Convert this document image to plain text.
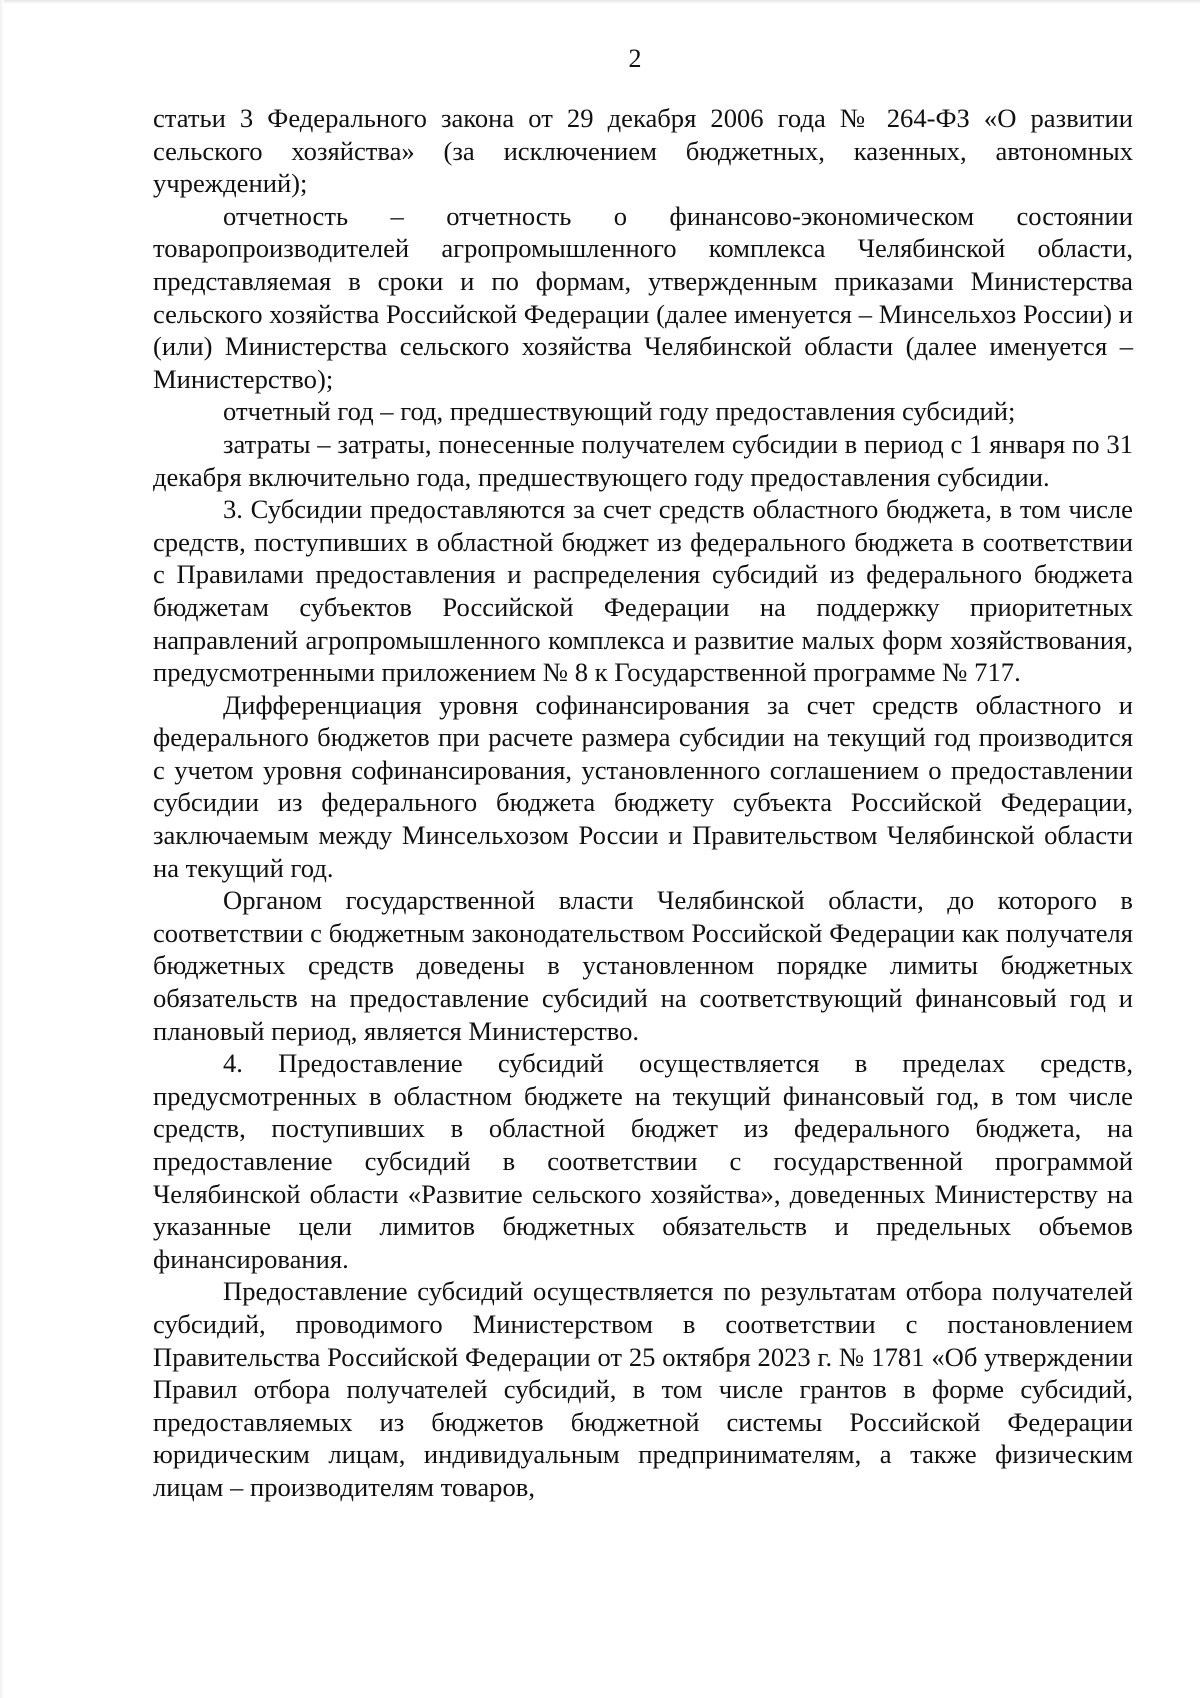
2

статьи 3 Федерального закона от 29 декабря 2006 года № 264-ФЗ «О развитии сельского хозяйства» (за исключением бюджетных, казенных, автономных учреждений);

отчетность – отчетность о финансово-экономическом состоянии товаропроизводителей агропромышленного комплекса Челябинской области, представляемая в сроки и по формам, утвержденным приказами Министерства сельского хозяйства Российской Федерации (далее именуется – Минсельхоз России) и (или) Министерства сельского хозяйства Челябинской области (далее именуется – Министерство);

отчетный год – год, предшествующий году предоставления субсидий;

затраты – затраты, понесенные получателем субсидии в период с 1 января по 31 декабря включительно года, предшествующего году предоставления субсидии.

3. Субсидии предоставляются за счет средств областного бюджета, в том числе средств, поступивших в областной бюджет из федерального бюджета в соответствии с Правилами предоставления и распределения субсидий из федерального бюджета бюджетам субъектов Российской Федерации на поддержку приоритетных направлений агропромышленного комплекса и развитие малых форм хозяйствования, предусмотренными приложением № 8 к Государственной программе № 717.

Дифференциация уровня софинансирования за счет средств областного и федерального бюджетов при расчете размера субсидии на текущий год производится с учетом уровня софинансирования, установленного соглашением о предоставлении субсидии из федерального бюджета бюджету субъекта Российской Федерации, заключаемым между Минсельхозом России и Правительством Челябинской области на текущий год.

Органом государственной власти Челябинской области, до которого в соответствии с бюджетным законодательством Российской Федерации как получателя бюджетных средств доведены в установленном порядке лимиты бюджетных обязательств на предоставление субсидий на соответствующий финансовый год и плановый период, является Министерство.

4. Предоставление субсидий осуществляется в пределах средств, предусмотренных в областном бюджете на текущий финансовый год, в том числе средств, поступивших в областной бюджет из федерального бюджета, на предоставление субсидий в соответствии с государственной программой Челябинской области «Развитие сельского хозяйства», доведенных Министерству на указанные цели лимитов бюджетных обязательств и предельных объемов финансирования.

Предоставление субсидий осуществляется по результатам отбора получателей субсидий, проводимого Министерством в соответствии с постановлением Правительства Российской Федерации от 25 октября 2023 г. № 1781 «Об утверждении Правил отбора получателей субсидий, в том числе грантов в форме субсидий, предоставляемых из бюджетов бюджетной системы Российской Федерации юридическим лицам, индивидуальным предпринимателям, а также физическим лицам – производителям товаров,
